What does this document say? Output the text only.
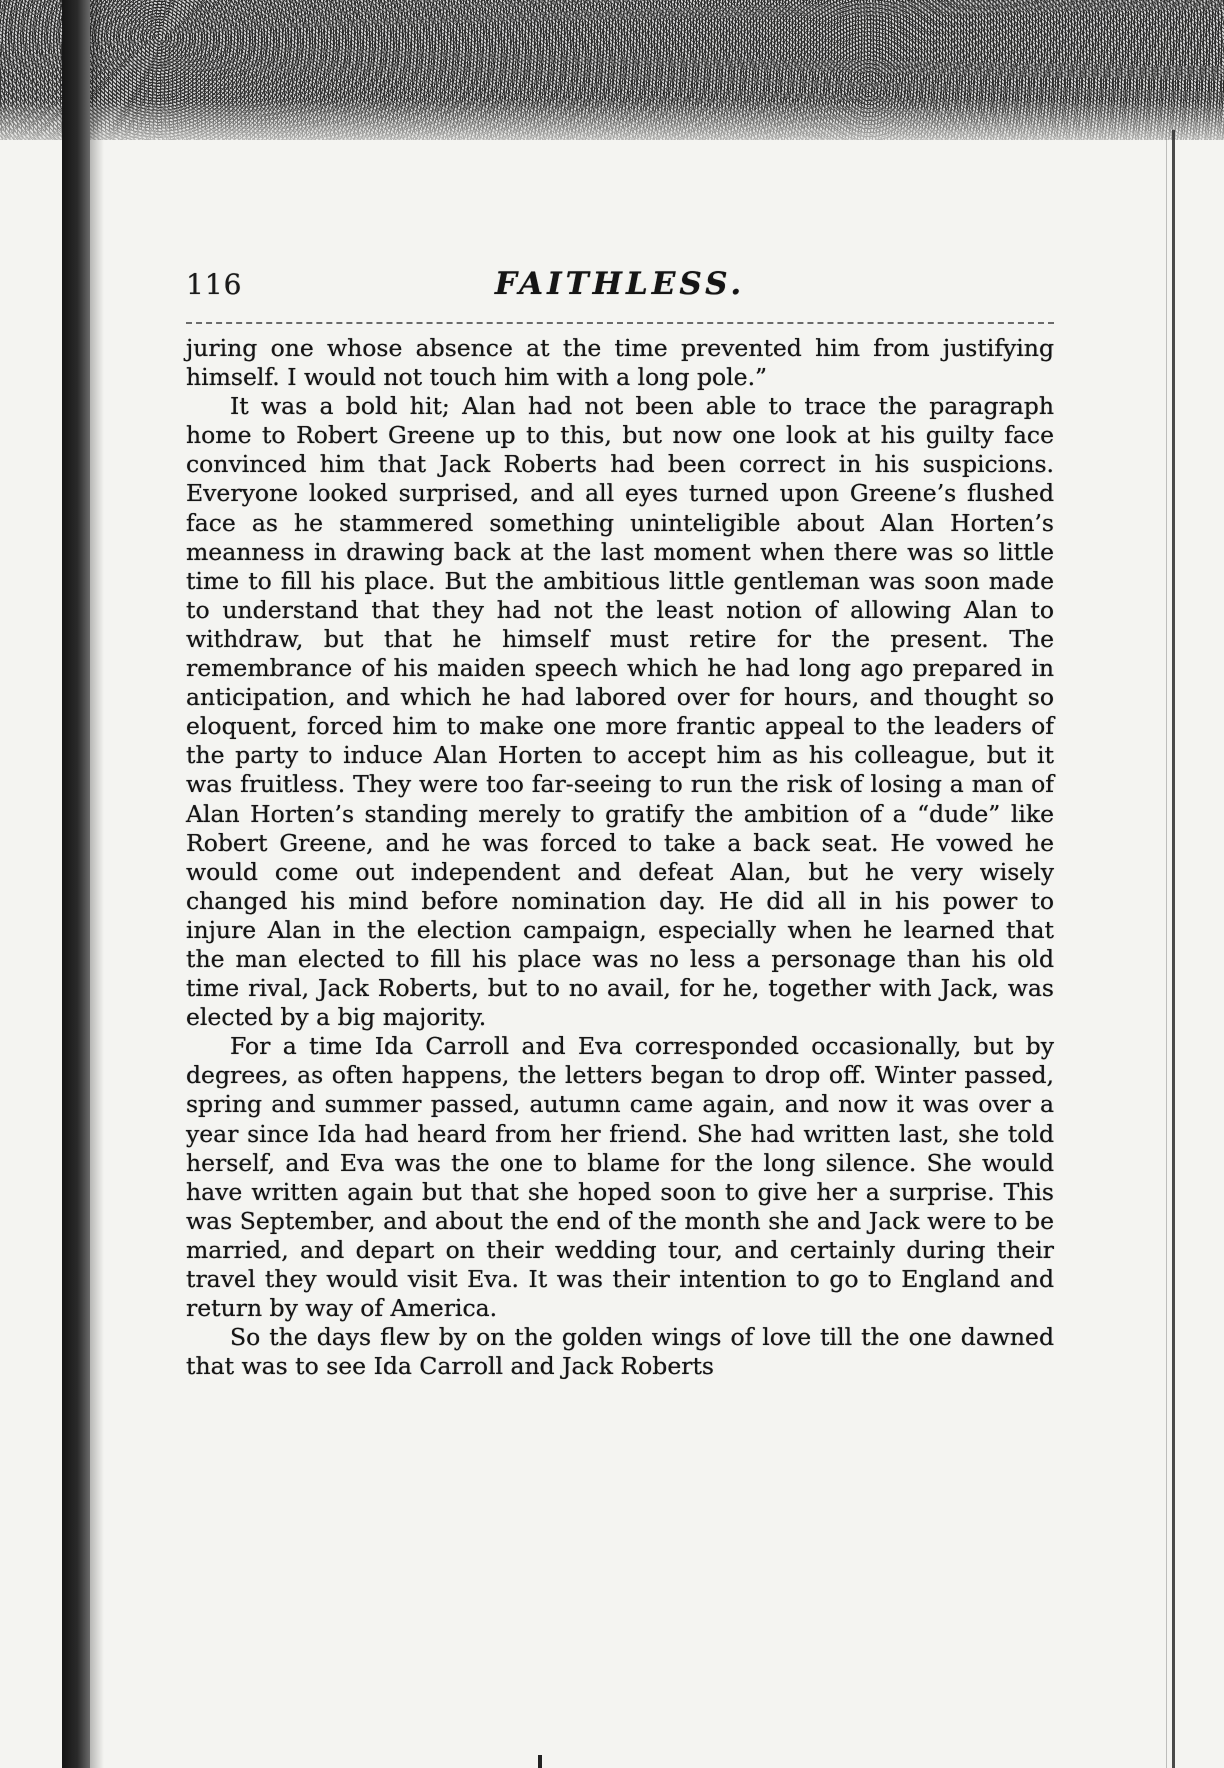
116	FAITHLESS.

juring one whose absence at the time prevented him from justifying himself. I would not touch him with a long pole.”

It was a bold hit; Alan had not been able to trace the paragraph home to Robert Greene up to this, but now one look at his guilty face convinced him that Jack Roberts had been correct in his suspicions. Everyone looked surprised, and all eyes turned upon Greene’s flushed face as he stammered something uninteligible about Alan Horten’s meanness in drawing back at the last moment when there was so little time to fill his place. But the ambitious little gentleman was soon made to understand that they had not the least notion of allowing Alan to withdraw, but that he himself must retire for the present. The remembrance of his maiden speech which he had long ago prepared in anticipation, and which he had labored over for hours, and thought so eloquent, forced him to make one more frantic appeal to the leaders of the party to induce Alan Horten to accept him as his colleague, but it was fruitless. They were too far-seeing to run the risk of losing a man of Alan Horten’s standing merely to gratify the ambition of a “dude” like Robert Greene, and he was forced to take a back seat. He vowed he would come out independent and defeat Alan, but he very wisely changed his mind before nomination day. He did all in his power to injure Alan in the election campaign, especially when he learned that the man elected to fill his place was no less a personage than his old time rival, Jack Roberts, but to no avail, for he, together with Jack, was elected by a big majority.

For a time Ida Carroll and Eva corresponded occasionally, but by degrees, as often happens, the letters began to drop off. Winter passed, spring and summer passed, autumn came again, and now it was over a year since Ida had heard from her friend. She had written last, she told herself, and Eva was the one to blame for the long silence. She would have written again but that she hoped soon to give her a surprise. This was September, and about the end of the month she and Jack were to be married, and depart on their wedding tour, and certainly during their travel they would visit Eva. It was their intention to go to England and return by way of America.

So the days flew by on the golden wings of love till the one dawned that was to see Ida Carroll and Jack Roberts
